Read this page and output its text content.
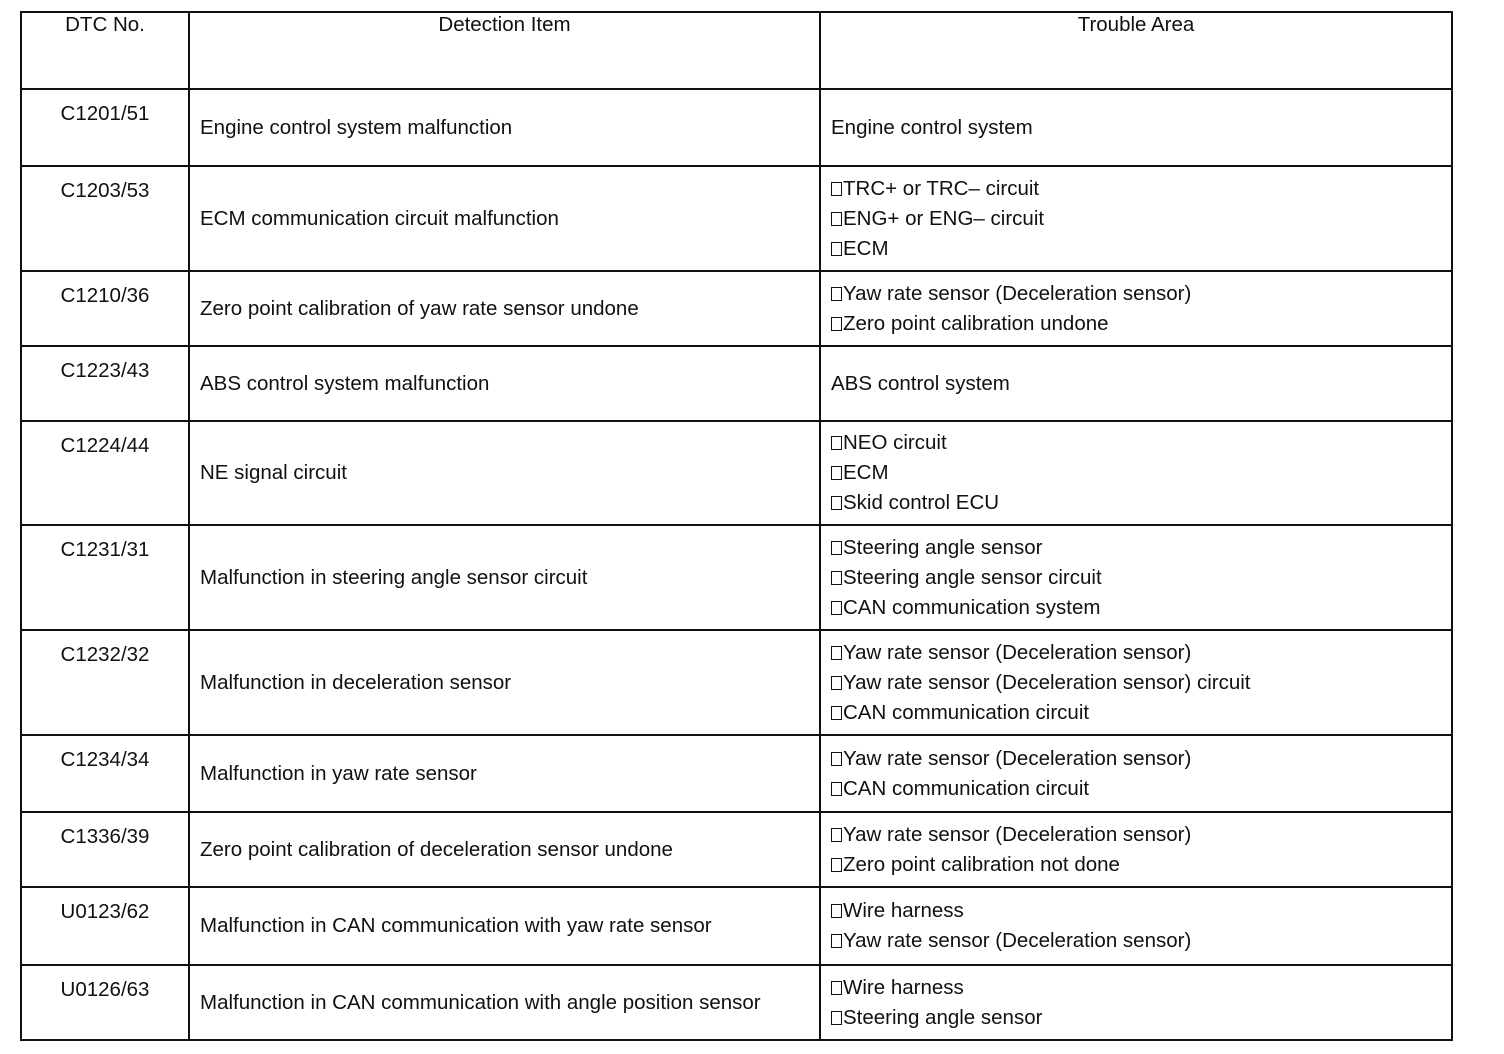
DTC No.	Detection Item	Trouble Area
C1201/51	Engine control system malfunction	Engine control system

C1203/53	ECM communication circuit malfunction	TRC+ or TRC– circuit
ENG+ or ENG– circuit
ECM

C1210/36	Zero point calibration of yaw rate sensor undone	Yaw rate sensor (Deceleration sensor)
Zero point calibration undone

C1223/43	ABS control system malfunction	ABS control system

C1224/44	NE signal circuit	NEO circuit
ECM
Skid control ECU

C1231/31	Malfunction in steering angle sensor circuit	Steering angle sensor
Steering angle sensor circuit
CAN communication system

C1232/32	Malfunction in deceleration sensor	Yaw rate sensor (Deceleration sensor)
Yaw rate sensor (Deceleration sensor) circuit
CAN communication circuit

C1234/34	Malfunction in yaw rate sensor	Yaw rate sensor (Deceleration sensor)
CAN communication circuit

C1336/39	Zero point calibration of deceleration sensor undone	Yaw rate sensor (Deceleration sensor)
Zero point calibration not done

U0123/62	Malfunction in CAN communication with yaw rate sensor	Wire harness
Yaw rate sensor (Deceleration sensor)

U0126/63	Malfunction in CAN communication with angle position sensor	Wire harness
Steering angle sensor
